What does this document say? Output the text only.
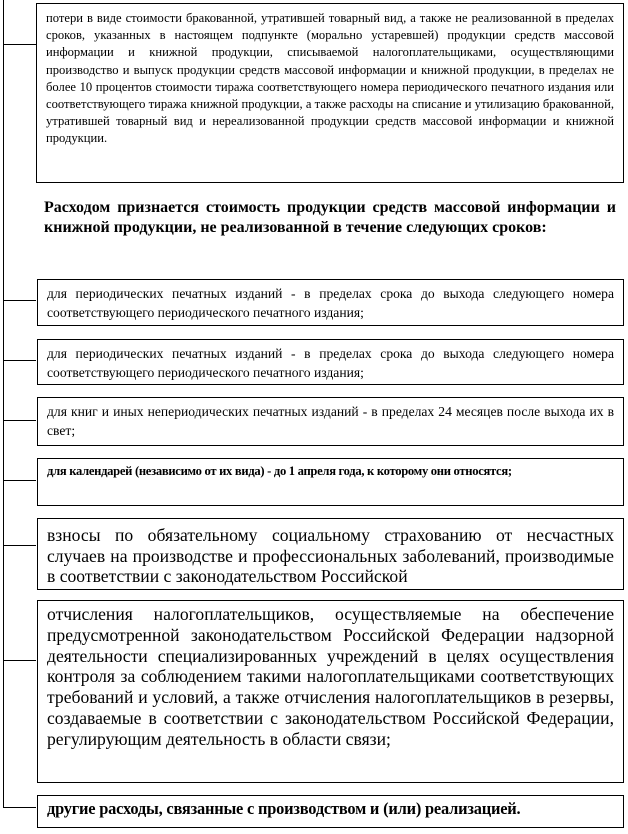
потери в виде стоимости бракованной, утратившей товарный вид, а также не реализованной в пределах сроков, указанных в настоящем подпункте (морально устаревшей) продукции средств массовой информации и книжной продукции, списываемой налогоплательщиками, осуществляющими производство и выпуск продукции средств массовой информации и книжной продукции, в пределах не более 10 процентов стоимости тиража соответствующего номера периодического печатного издания или соответствующего тиража книжной продукции, а также расходы на списание и утилизацию бракованной, утратившей товарный вид и нереализованной продукции средств массовой информации и книжной продукции.

Расходом признается стоимость продукции средств массовой информации и книжной продукции, не реализованной в течение следующих сроков:

для периодических печатных изданий - в пределах срока до выхода следующего номера соответствующего периодического печатного издания;

для периодических печатных изданий - в пределах срока до выхода следующего номера соответствующего периодического печатного издания;

для книг и иных непериодических печатных изданий - в пределах 24 месяцев после выхода их в свет;

для календарей (независимо от их вида) - до 1 апреля года, к которому они относятся;

взносы по обязательному социальному страхованию от несчастных случаев на производстве и профессиональных заболеваний, производимые в соответствии с законодательством Российской

отчисления налогоплательщиков, осуществляемые на обеспечение предусмотренной законодательством Российской Федерации надзорной деятельности специализированных учреждений в целях осуществления контроля за соблюдением такими налогоплательщиками соответствующих требований и условий, а также отчисления налогоплательщиков в резервы, создаваемые в соответствии с законодательством Российской Федерации, регулирующим деятельность в области связи;

другие расходы, связанные с производством и (или) реализацией.
